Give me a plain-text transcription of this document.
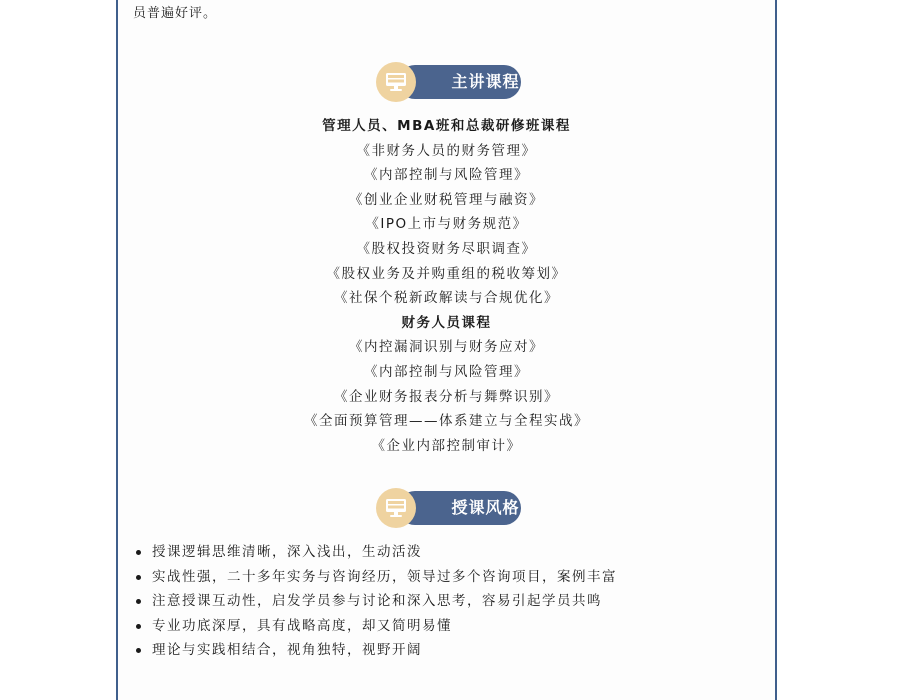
员普遍好评。
主讲课程
管理人员、MBA班和总裁研修班课程
《非财务人员的财务管理》
《内部控制与风险管理》
《创业企业财税管理与融资》
《IPO上市与财务规范》
《股权投资财务尽职调查》
《股权业务及并购重组的税收筹划》
《社保个税新政解读与合规优化》
财务人员课程
《内控漏洞识别与财务应对》
《内部控制与风险管理》
《企业财务报表分析与舞弊识别》
《全面预算管理——体系建立与全程实战》
《企业内部控制审计》
授课风格
授课逻辑思维清晰，深入浅出，生动活泼
实战性强，二十多年实务与咨询经历，领导过多个咨询项目，案例丰富
注意授课互动性，启发学员参与讨论和深入思考，容易引起学员共鸣
专业功底深厚，具有战略高度，却又简明易懂
理论与实践相结合，视角独特，视野开阔
